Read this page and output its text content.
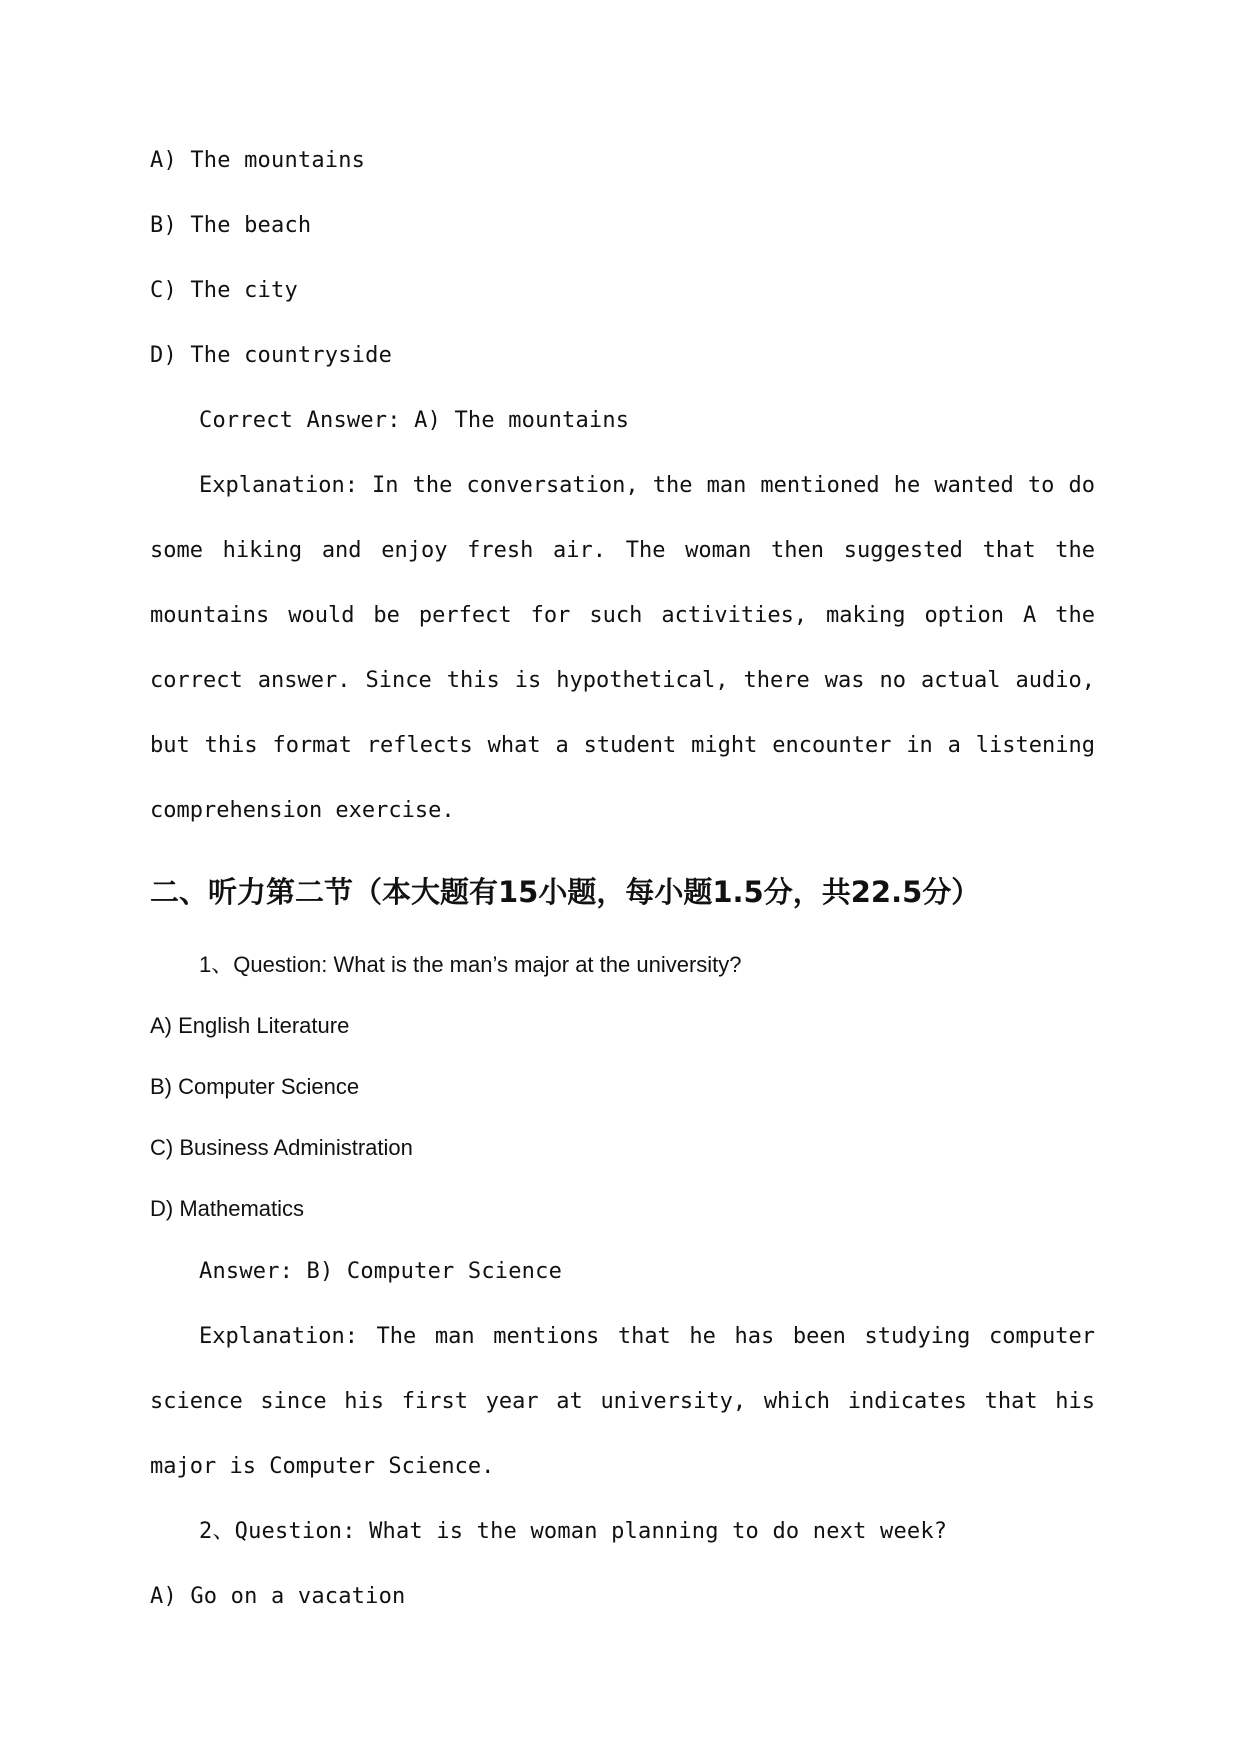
A) The mountains
B) The beach
C) The city
D) The countryside
Correct Answer: A) The mountains

Explanation: In the conversation, the man mentioned he wanted to do some hiking and enjoy fresh air. The woman then suggested that the mountains would be perfect for such activities, making option A the correct answer. Since this is hypothetical, there was no actual audio, but this format reflects what a student might encounter in a listening comprehension exercise.

二、听力第二节（本大题有15小题，每小题1.5分，共22.5分）
1、Question: What is the man’s major at the university?
A) English Literature
B) Computer Science
C) Business Administration
D) Mathematics
Answer: B) Computer Science

Explanation: The man mentions that he has been studying computer science since his first year at university, which indicates that his major is Computer Science.

2、Question: What is the woman planning to do next week?
A) Go on a vacation
